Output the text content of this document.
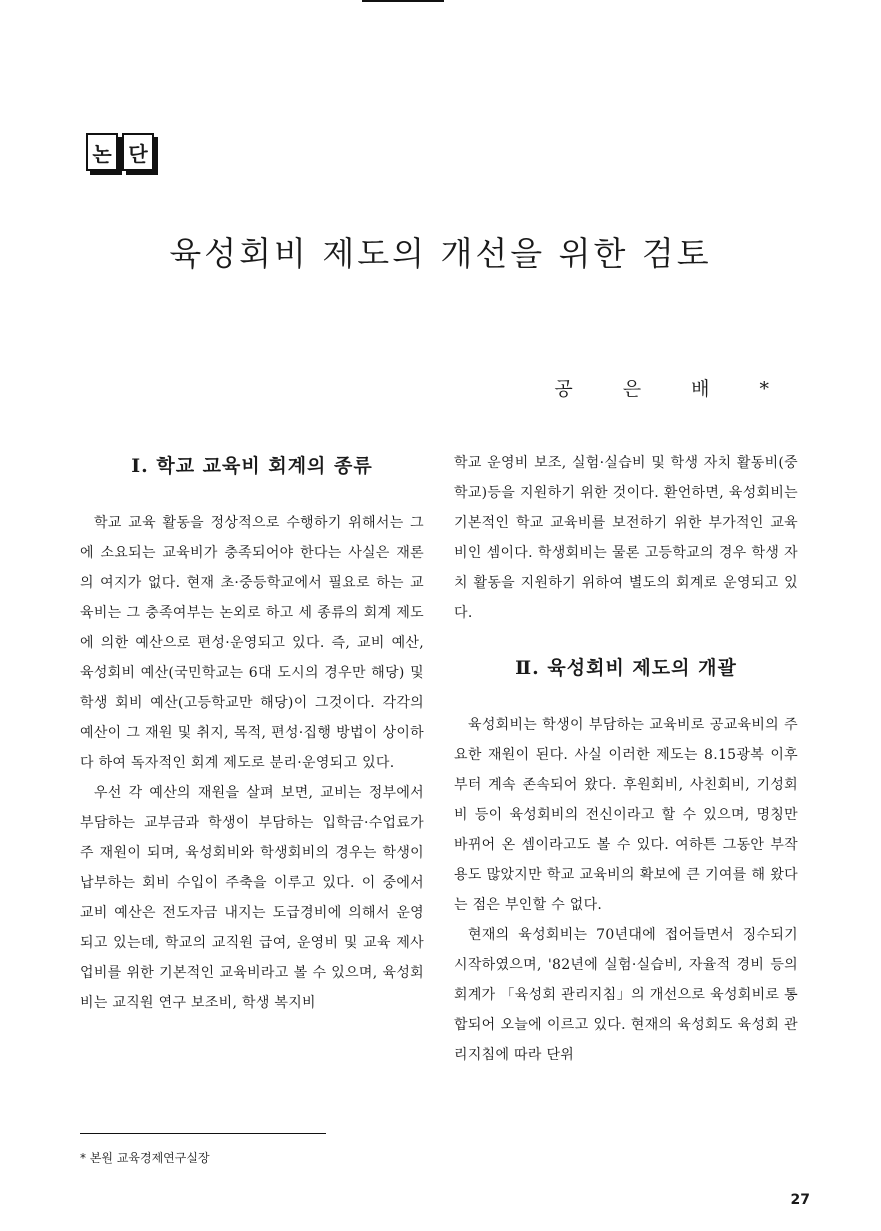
논 단
육성회비 제도의 개선을 위한 검토
공 은 배 *
Ⅰ. 학교 교육비 회계의 종류

학교 교육 활동을 정상적으로 수행하기 위해서는 그에 소요되는 교육비가 충족되어야 한다는 사실은 재론의 여지가 없다. 현재 초·중등학교에서 필요로 하는 교육비는 그 충족여부는 논외로 하고 세 종류의 회계 제도에 의한 예산으로 편성·운영되고 있다. 즉, 교비 예산, 육성회비 예산(국민학교는 6대 도시의 경우만 해당) 및 학생 회비 예산(고등학교만 해당)이 그것이다. 각각의 예산이 그 재원 및 취지, 목적, 편성·집행 방법이 상이하다 하여 독자적인 회계 제도로 분리·운영되고 있다.

우선 각 예산의 재원을 살펴 보면, 교비는 정부에서 부담하는 교부금과 학생이 부담하는 입학금·수업료가 주 재원이 되며, 육성회비와 학생회비의 경우는 학생이 납부하는 회비 수입이 주축을 이루고 있다. 이 중에서 교비 예산은 전도자금 내지는 도급경비에 의해서 운영되고 있는데, 학교의 교직원 급여, 운영비 및 교육 제사업비를 위한 기본적인 교육비라고 볼 수 있으며, 육성회비는 교직원 연구 보조비, 학생 복지비

학교 운영비 보조, 실험·실습비 및 학생 자치 활동비(중학교)등을 지원하기 위한 것이다. 환언하면, 육성회비는 기본적인 학교 교육비를 보전하기 위한 부가적인 교육비인 셈이다. 학생회비는 물론 고등학교의 경우 학생 자치 활동을 지원하기 위하여 별도의 회계로 운영되고 있다.

Ⅱ. 육성회비 제도의 개괄

육성회비는 학생이 부담하는 교육비로 공교육비의 주요한 재원이 된다. 사실 이러한 제도는 8.15광복 이후부터 계속 존속되어 왔다. 후원회비, 사친회비, 기성회비 등이 육성회비의 전신이라고 할 수 있으며, 명칭만 바뀌어 온 셈이라고도 볼 수 있다. 여하튼 그동안 부작용도 많았지만 학교 교육비의 확보에 큰 기여를 해 왔다는 점은 부인할 수 없다.

현재의 육성회비는 70년대에 접어들면서 징수되기 시작하였으며, '82년에 실험·실습비, 자율적 경비 등의 회계가 「육성회 관리지침」의 개선으로 육성회비로 통합되어 오늘에 이르고 있다. 현재의 육성회도 육성회 관리지침에 따라 단위

* 본원 교육경제연구실장
27
